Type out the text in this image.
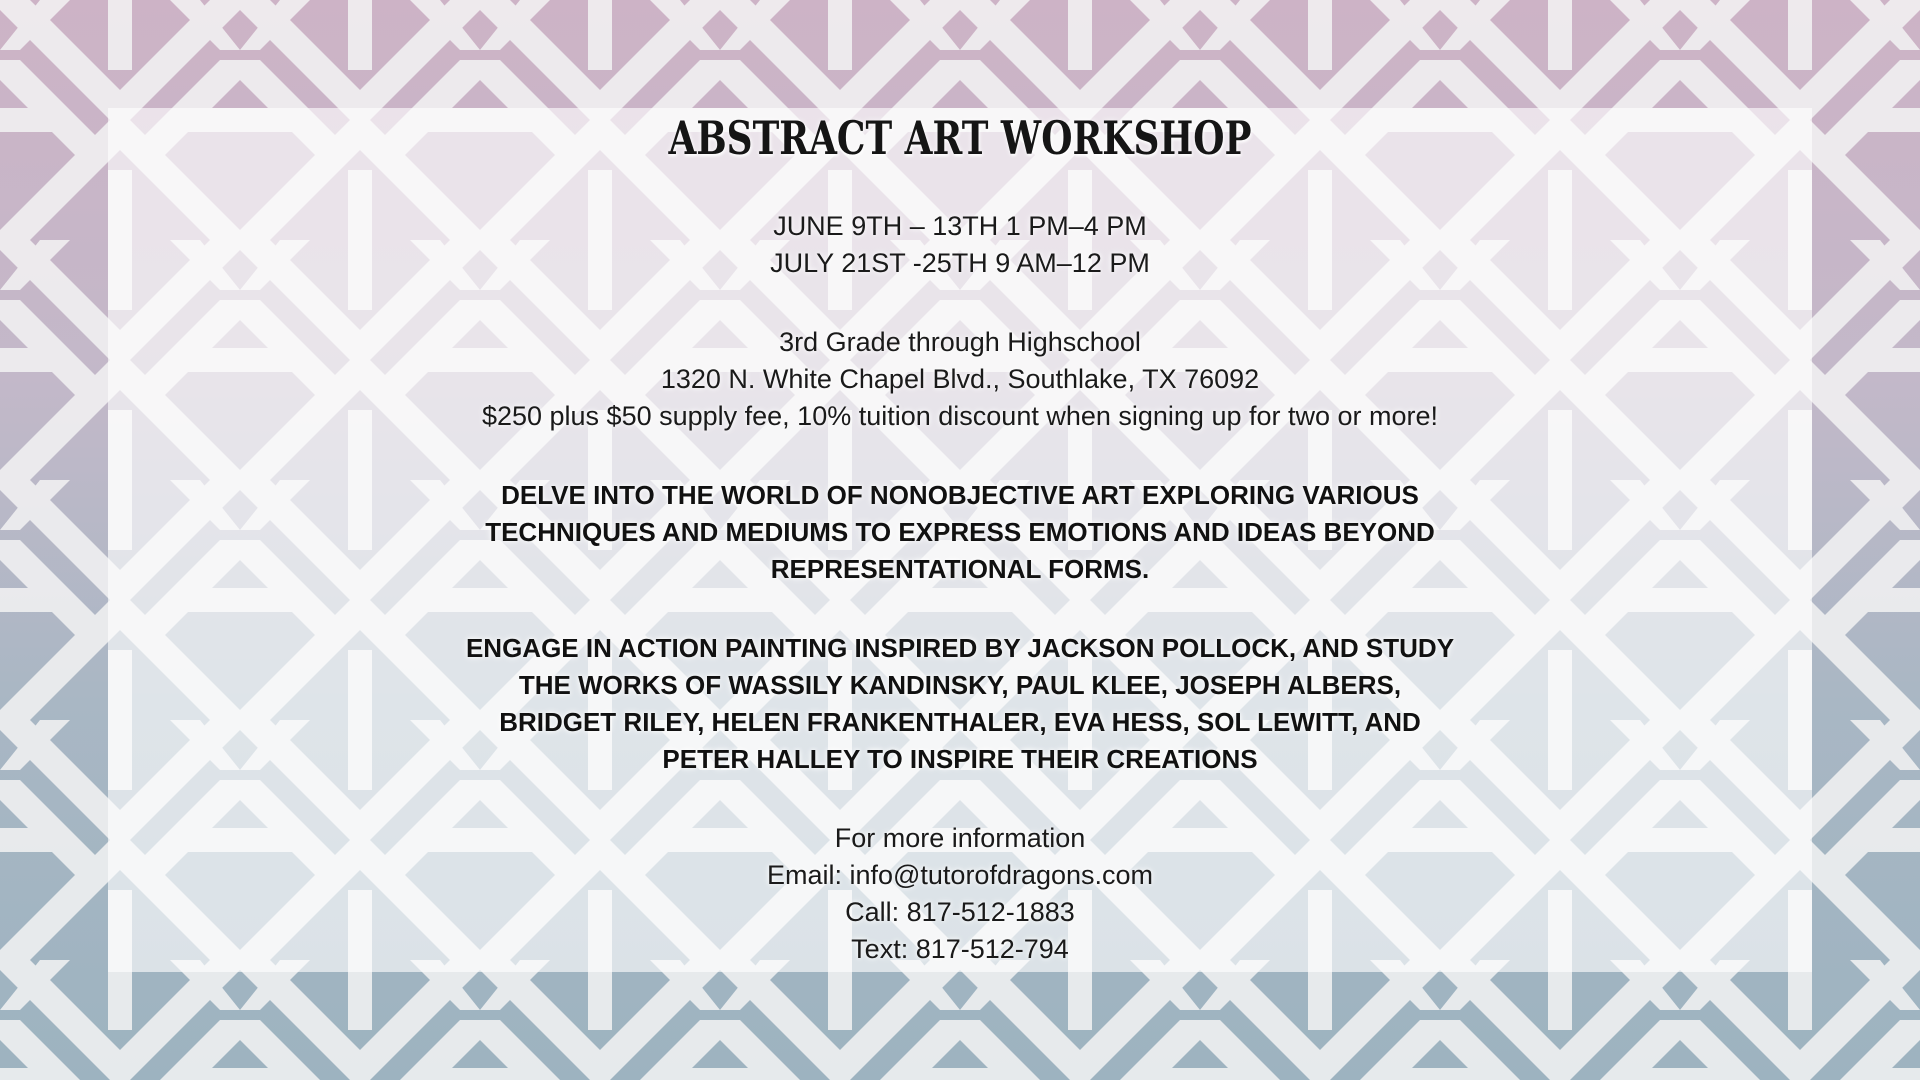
ABSTRACT ART WORKSHOP
JUNE 9TH – 13TH 1 PM–4 PM
JULY 21ST -25TH 9 AM–12 PM
3rd Grade through Highschool
1320 N. White Chapel Blvd., Southlake, TX 76092
$250 plus $50 supply fee, 10% tuition discount when signing up for two or more!
DELVE INTO THE WORLD OF NONOBJECTIVE ART EXPLORING VARIOUS TECHNIQUES AND MEDIUMS TO EXPRESS EMOTIONS AND IDEAS BEYOND REPRESENTATIONAL FORMS.
ENGAGE IN ACTION PAINTING INSPIRED BY JACKSON POLLOCK, AND STUDY THE WORKS OF WASSILY KANDINSKY, PAUL KLEE, JOSEPH ALBERS, BRIDGET RILEY, HELEN FRANKENTHALER, EVA HESS, SOL LEWITT, AND PETER HALLEY TO INSPIRE THEIR CREATIONS
For more information
Email: info@tutorofdragons.com
Call: 817-512-1883
Text: 817-512-794
